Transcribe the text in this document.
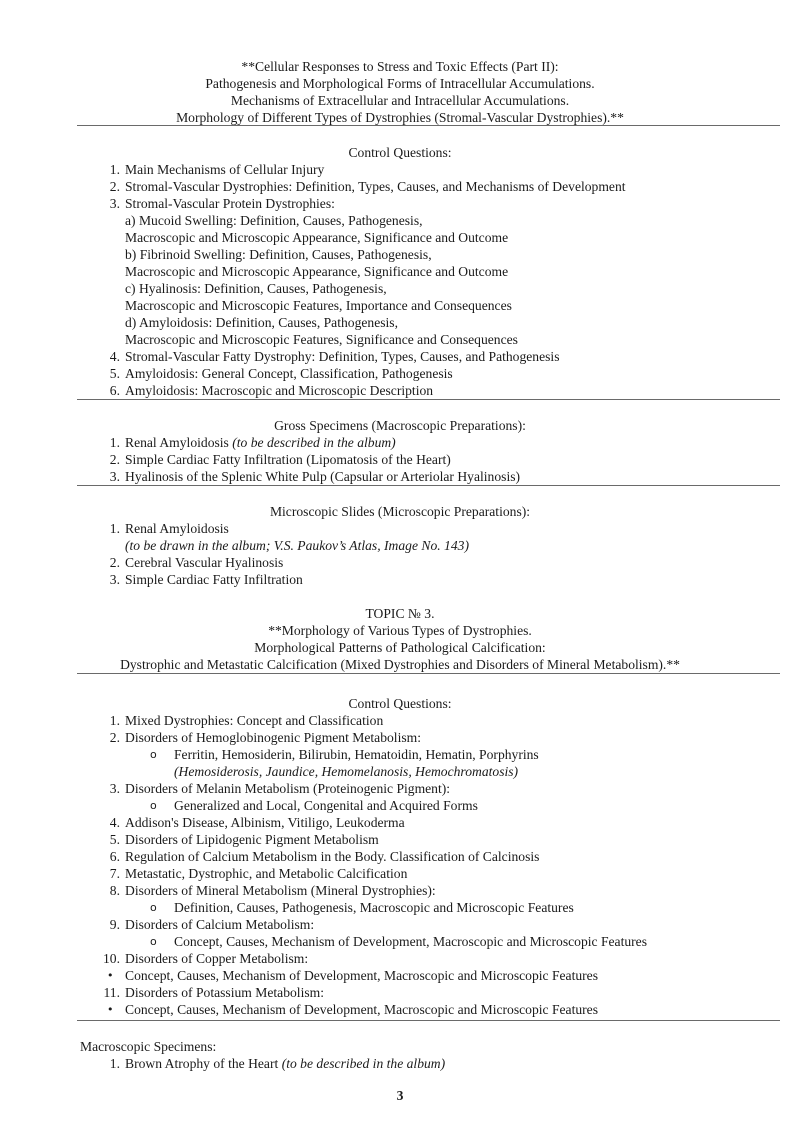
**Cellular Responses to Stress and Toxic Effects (Part II):
Pathogenesis and Morphological Forms of Intracellular Accumulations.
Mechanisms of Extracellular and Intracellular Accumulations.
Morphology of Different Types of Dystrophies (Stromal-Vascular Dystrophies).**
Control Questions:
1. Main Mechanisms of Cellular Injury
2. Stromal-Vascular Dystrophies: Definition, Types, Causes, and Mechanisms of Development
3. Stromal-Vascular Protein Dystrophies:
a) Mucoid Swelling: Definition, Causes, Pathogenesis,
Macroscopic and Microscopic Appearance, Significance and Outcome
b) Fibrinoid Swelling: Definition, Causes, Pathogenesis,
Macroscopic and Microscopic Appearance, Significance and Outcome
c) Hyalinosis: Definition, Causes, Pathogenesis,
Macroscopic and Microscopic Features, Importance and Consequences
d) Amyloidosis: Definition, Causes, Pathogenesis,
Macroscopic and Microscopic Features, Significance and Consequences
4. Stromal-Vascular Fatty Dystrophy: Definition, Types, Causes, and Pathogenesis
5. Amyloidosis: General Concept, Classification, Pathogenesis
6. Amyloidosis: Macroscopic and Microscopic Description
Gross Specimens (Macroscopic Preparations):
1. Renal Amyloidosis (to be described in the album)
2. Simple Cardiac Fatty Infiltration (Lipomatosis of the Heart)
3. Hyalinosis of the Splenic White Pulp (Capsular or Arteriolar Hyalinosis)
Microscopic Slides (Microscopic Preparations):
1. Renal Amyloidosis
(to be drawn in the album; V.S. Paukov’s Atlas, Image No. 143)
2. Cerebral Vascular Hyalinosis
3. Simple Cardiac Fatty Infiltration
TOPIC № 3.
**Morphology of Various Types of Dystrophies.
Morphological Patterns of Pathological Calcification:
Dystrophic and Metastatic Calcification (Mixed Dystrophies and Disorders of Mineral Metabolism).**
Control Questions:
1. Mixed Dystrophies: Concept and Classification
2. Disorders of Hemoglobinogenic Pigment Metabolism:
o Ferritin, Hemosiderin, Bilirubin, Hematoidin, Hematin, Porphyrins
(Hemosiderosis, Jaundice, Hemomelanosis, Hemochromatosis)
3. Disorders of Melanin Metabolism (Proteinogenic Pigment):
o Generalized and Local, Congenital and Acquired Forms
4. Addison's Disease, Albinism, Vitiligo, Leukoderma
5. Disorders of Lipidogenic Pigment Metabolism
6. Regulation of Calcium Metabolism in the Body. Classification of Calcinosis
7. Metastatic, Dystrophic, and Metabolic Calcification
8. Disorders of Mineral Metabolism (Mineral Dystrophies):
o Definition, Causes, Pathogenesis, Macroscopic and Microscopic Features
9. Disorders of Calcium Metabolism:
o Concept, Causes, Mechanism of Development, Macroscopic and Microscopic Features
10. Disorders of Copper Metabolism:
• Concept, Causes, Mechanism of Development, Macroscopic and Microscopic Features
11. Disorders of Potassium Metabolism:
• Concept, Causes, Mechanism of Development, Macroscopic and Microscopic Features
Macroscopic Specimens:
1. Brown Atrophy of the Heart (to be described in the album)
3
